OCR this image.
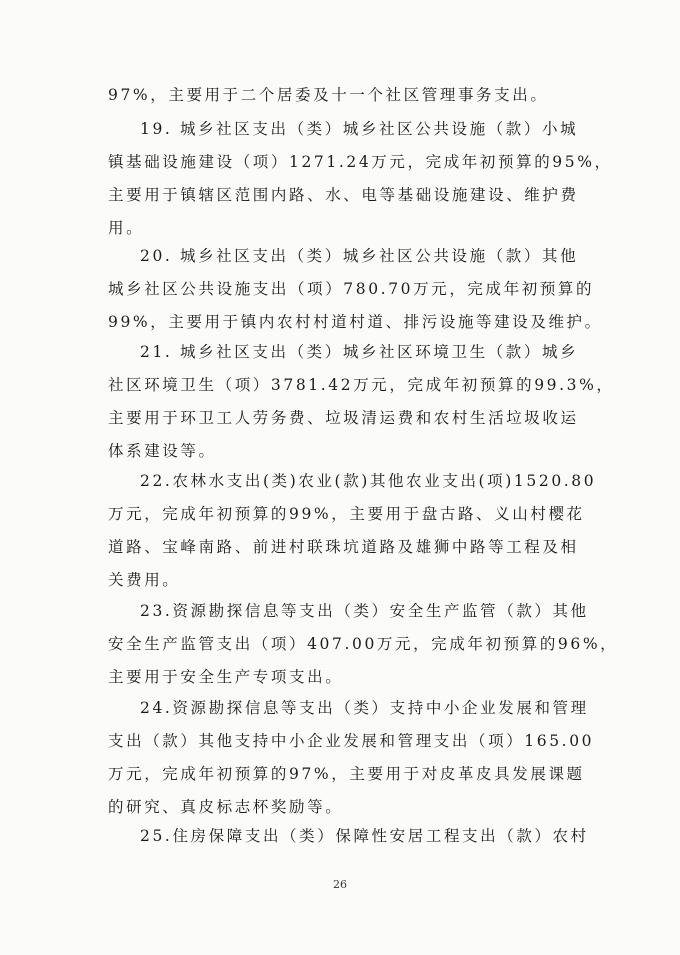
97%，主要用于二个居委及十一个社区管理事务支出。
19. 城乡社区支出（类）城乡社区公共设施（款）小城
镇基础设施建设（项）1271.24万元，完成年初预算的95%，
主要用于镇辖区范围内路、水、电等基础设施建设、维护费
用。
20. 城乡社区支出（类）城乡社区公共设施（款）其他
城乡社区公共设施支出（项）780.70万元，完成年初预算的
99%，主要用于镇内农村村道村道、排污设施等建设及维护。
21. 城乡社区支出（类）城乡社区环境卫生（款）城乡
社区环境卫生（项）3781.42万元，完成年初预算的99.3%，
主要用于环卫工人劳务费、垃圾清运费和农村生活垃圾收运
体系建设等。
22.农林水支出(类)农业(款)其他农业支出(项)1520.80
万元，完成年初预算的99%，主要用于盘古路、义山村樱花
道路、宝峰南路、前进村联珠坑道路及雄狮中路等工程及相
关费用。
23.资源勘探信息等支出（类）安全生产监管（款）其他
安全生产监管支出（项）407.00万元，完成年初预算的96%，
主要用于安全生产专项支出。
24.资源勘探信息等支出（类）支持中小企业发展和管理
支出（款）其他支持中小企业发展和管理支出（项）165.00
万元，完成年初预算的97%，主要用于对皮革皮具发展课题
的研究、真皮标志杯奖励等。
25.住房保障支出（类）保障性安居工程支出（款）农村
26
